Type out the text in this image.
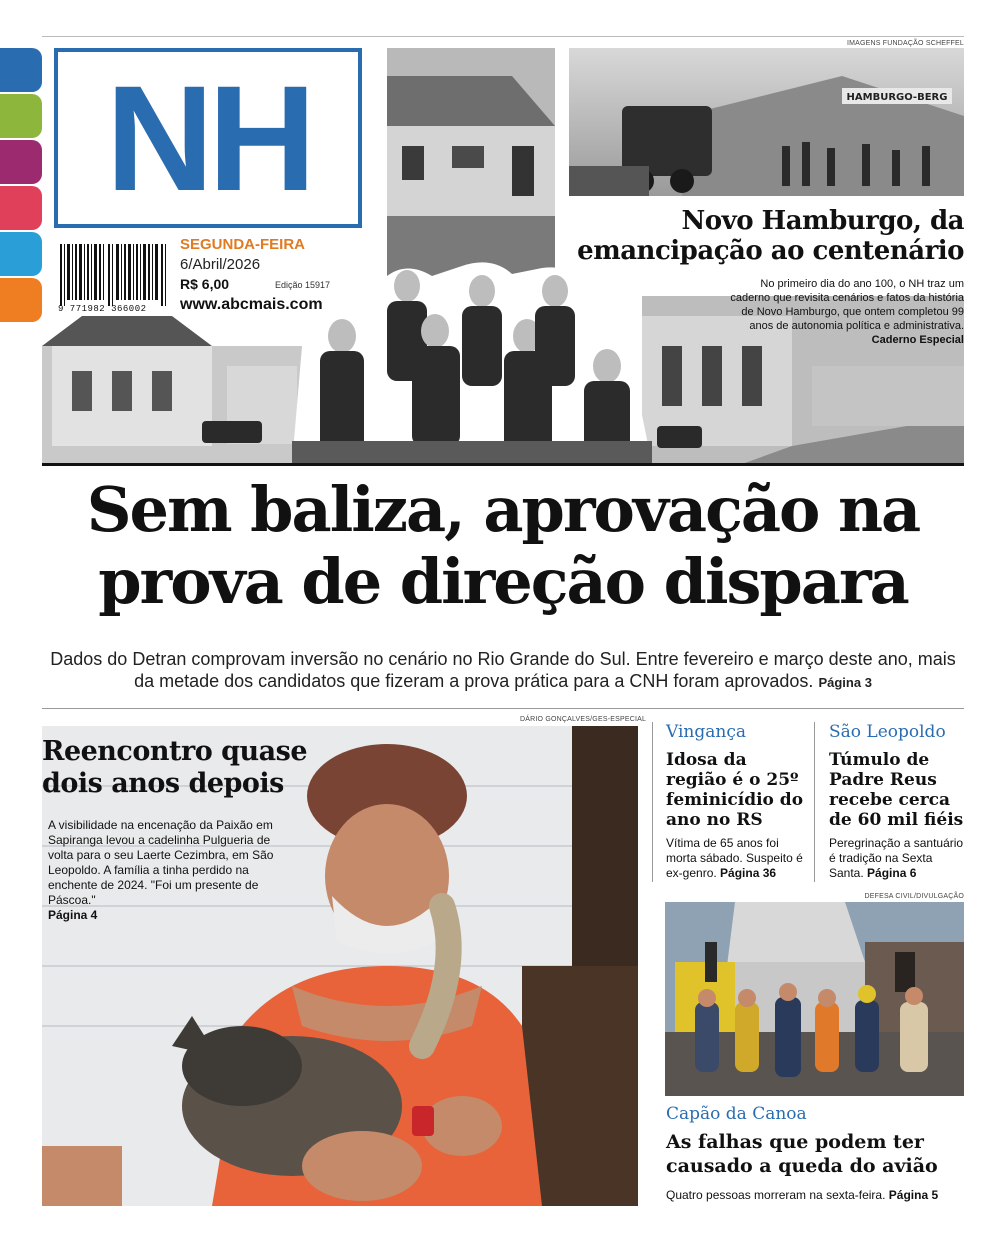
IMAGENS FUNDAÇÃO SCHEFFEL
HAMBURGO-BERG
NH
9 771982 366002
SEGUNDA-FEIRA
6/Abril/2026
R$ 6,00	Edição 15917
www.abcmais.com
Novo Hamburgo, da emancipação ao centenário
No primeiro dia do ano 100, o NH traz um caderno que revisita cenários e fatos da história de Novo Hamburgo, que ontem completou 99 anos de autonomia política e administrativa.
Caderno Especial
Sem baliza, aprovação na prova de direção dispara
Dados do Detran comprovam inversão no cenário no Rio Grande do Sul. Entre fevereiro e março deste ano, mais da metade dos candidatos que fizeram a prova prática para a CNH foram aprovados. Página 3
DÁRIO GONÇALVES/GES-ESPECIAL
Reencontro quase dois anos depois
A visibilidade na encenação da Paixão em Sapiranga levou a cadelinha Pulgueria de volta para o seu Laerte Cezimbra, em São Leopoldo. A família a tinha perdido na enchente de 2024. "Foi um presente de Páscoa."
Página 4
Vingança
Idosa da região é o 25º feminicídio do ano no RS
Vítima de 65 anos foi morta sábado. Suspeito é ex-genro. Página 36
São Leopoldo
Túmulo de Padre Reus recebe cerca de 60 mil fiéis
Peregrinação a santuário é tradição na Sexta Santa. Página 6
DEFESA CIVIL/DIVULGAÇÃO
Capão da Canoa
As falhas que podem ter causado a queda do avião
Quatro pessoas morreram na sexta-feira. Página 5
